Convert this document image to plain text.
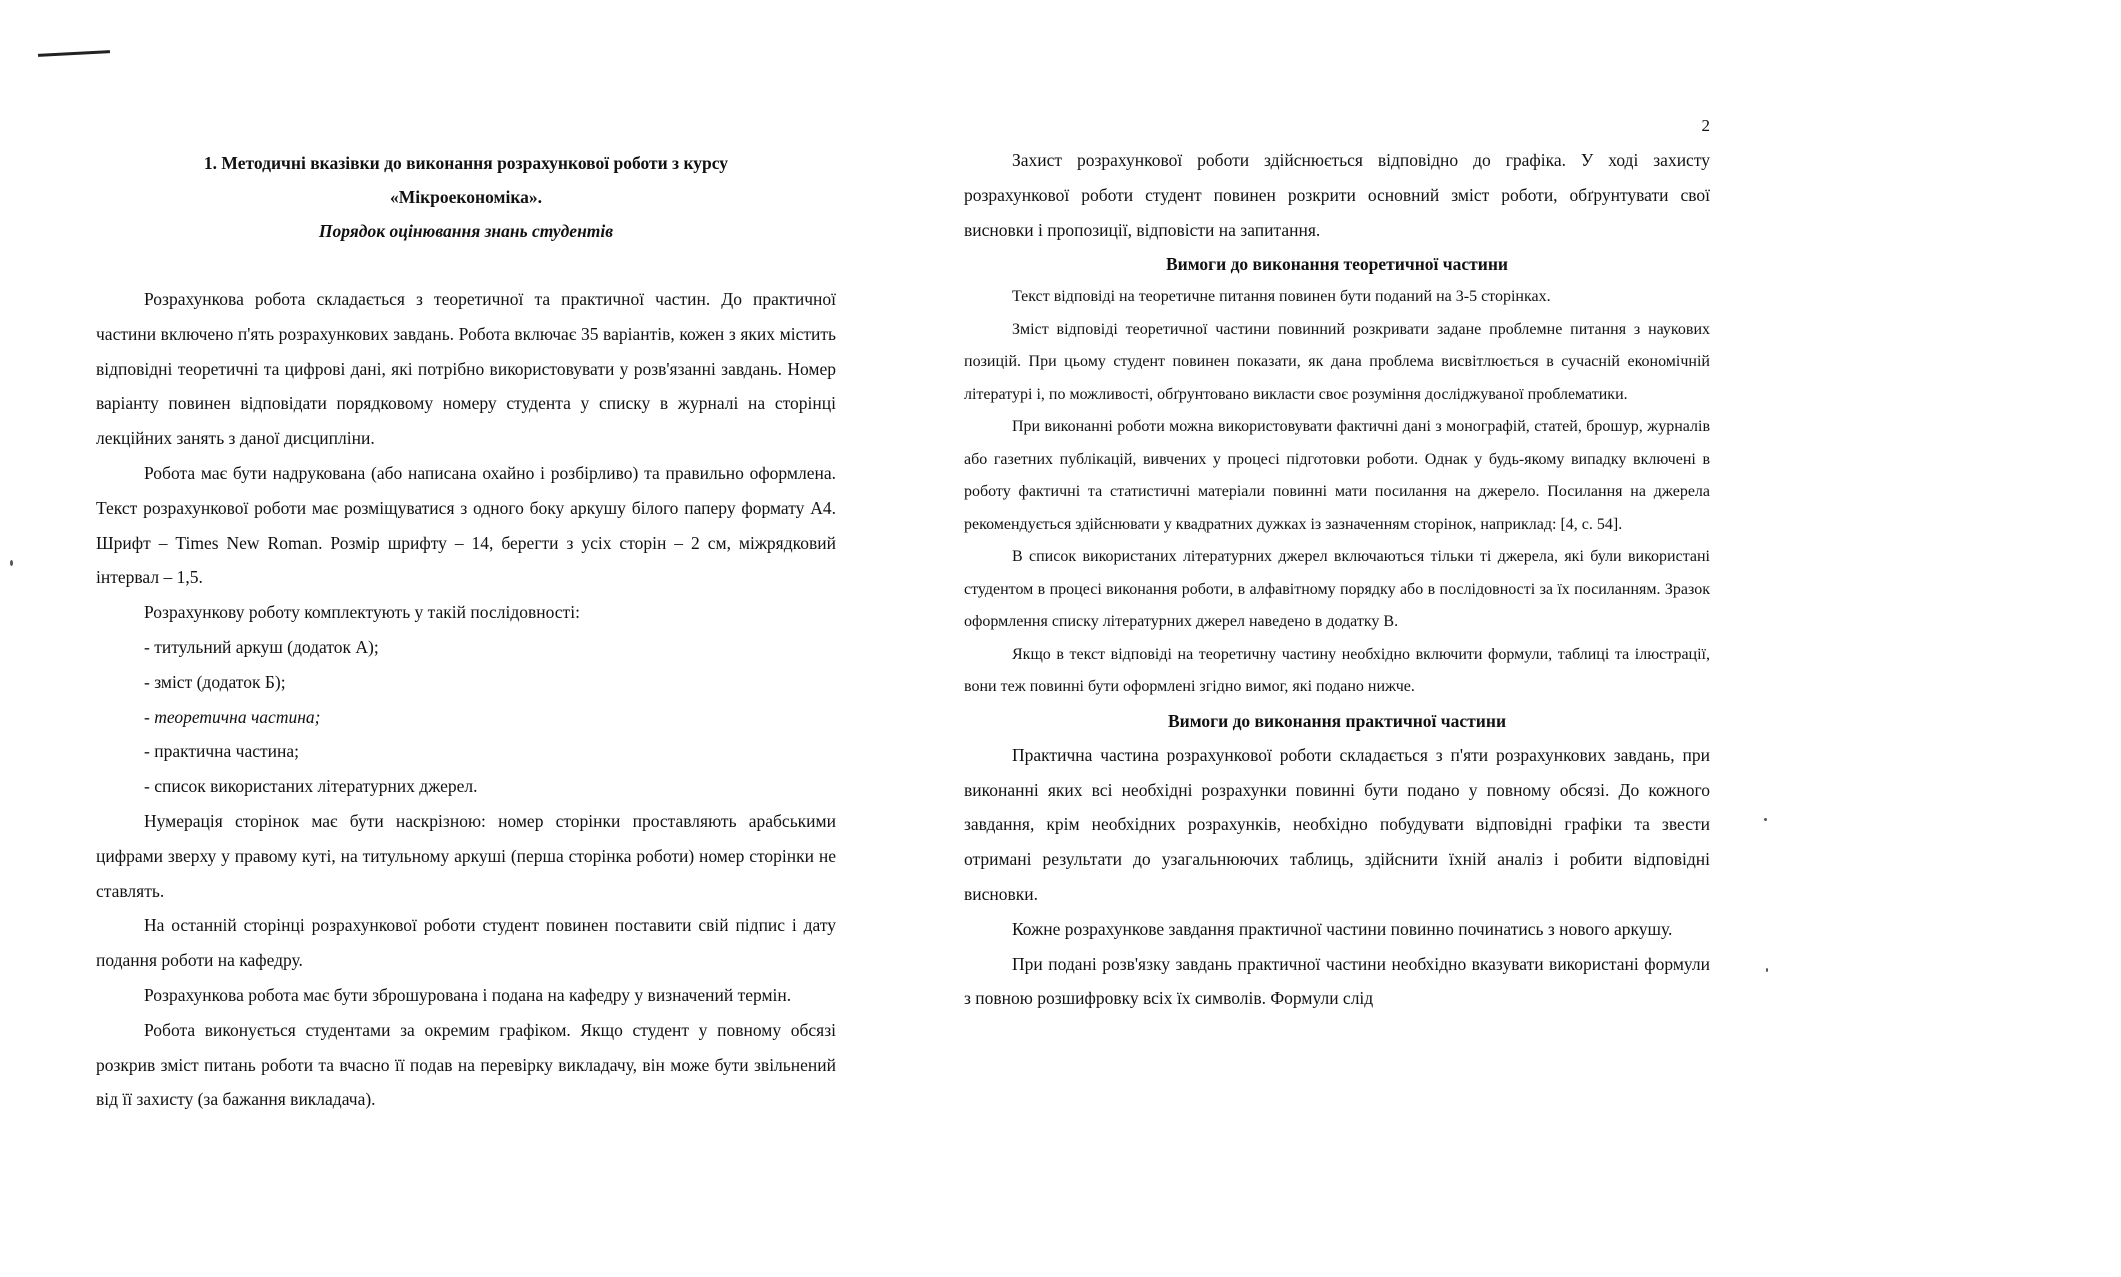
1. Методичні вказівки до виконання розрахункової роботи з курсу

«Мікроекономіка».

Порядок оцінювання знань студентів

Розрахункова робота складається з теоретичної та практичної частин. До практичної частини включено п'ять розрахункових завдань. Робота включає 35 варіантів, кожен з яких містить відповідні теоретичні та цифрові дані, які потрібно використовувати у розв'язанні завдань. Номер варіанту повинен відповідати порядковому номеру студента у списку в журналі на сторінці лекційних занять з даної дисципліни.

Робота має бути надрукована (або написана охайно і розбірливо) та правильно оформлена. Текст розрахункової роботи має розміщуватися з одного боку аркушу білого паперу формату А4. Шрифт – Times New Roman. Розмір шрифту – 14, берегти з усіх сторін – 2 см, міжрядковий інтервал – 1,5.

Розрахункову роботу комплектують у такій послідовності:

- титульний аркуш (додаток А);

- зміст (додаток Б);

- теоретична частина;

- практична частина;

- список використаних літературних джерел.

Нумерація сторінок має бути наскрізною: номер сторінки проставляють арабськими цифрами зверху у правому куті, на титульному аркуші (перша сторінка роботи) номер сторінки не ставлять.

На останній сторінці розрахункової роботи студент повинен поставити свій підпис і дату подання роботи на кафедру.

Розрахункова робота має бути зброшурована і подана на кафедру у визначений термін.

Робота виконується студентами за окремим графіком. Якщо студент у повному обсязі розкрив зміст питань роботи та вчасно її подав на перевірку викладачу, він може бути звільнений від її захисту (за бажання викладача).

2

Захист розрахункової роботи здійснюється відповідно до графіка. У ході захисту розрахункової роботи студент повинен розкрити основний зміст роботи, обґрунтувати свої висновки і пропозиції, відповісти на запитання.

Вимоги до виконання теоретичної частини

Текст відповіді на теоретичне питання повинен бути поданий на 3-5 сторінках.

Зміст відповіді теоретичної частини повинний розкривати задане проблемне питання з наукових позицій. При цьому студент повинен показати, як дана проблема висвітлюється в сучасній економічній літературі і, по можливості, обґрунтовано викласти своє розуміння досліджуваної проблематики.

При виконанні роботи можна використовувати фактичні дані з монографій, статей, брошур, журналів або газетних публікацій, вивчених у процесі підготовки роботи. Однак у будь-якому випадку включені в роботу фактичні та статистичні матеріали повинні мати посилання на джерело. Посилання на джерела рекомендується здійснювати у квадратних дужках із зазначенням сторінок, наприклад: [4, с. 54].

В список використаних літературних джерел включаються тільки ті джерела, які були використані студентом в процесі виконання роботи, в алфавітному порядку або в послідовності за їх посиланням. Зразок оформлення списку літературних джерел наведено в додатку В.

Якщо в текст відповіді на теоретичну частину необхідно включити формули, таблиці та ілюстрації, вони теж повинні бути оформлені згідно вимог, які подано нижче.

Вимоги до виконання практичної частини

Практична частина розрахункової роботи складається з п'яти розрахункових завдань, при виконанні яких всі необхідні розрахунки повинні бути подано у повному обсязі. До кожного завдання, крім необхідних розрахунків, необхідно побудувати відповідні графіки та звести отримані результати до узагальнюючих таблиць, здійснити їхній аналіз і робити відповідні висновки.

Кожне розрахункове завдання практичної частини повинно починатись з нового аркушу.

При подані розв'язку завдань практичної частини необхідно вказувати використані формули з повною розшифровку всіх їх символів. Формули слід
